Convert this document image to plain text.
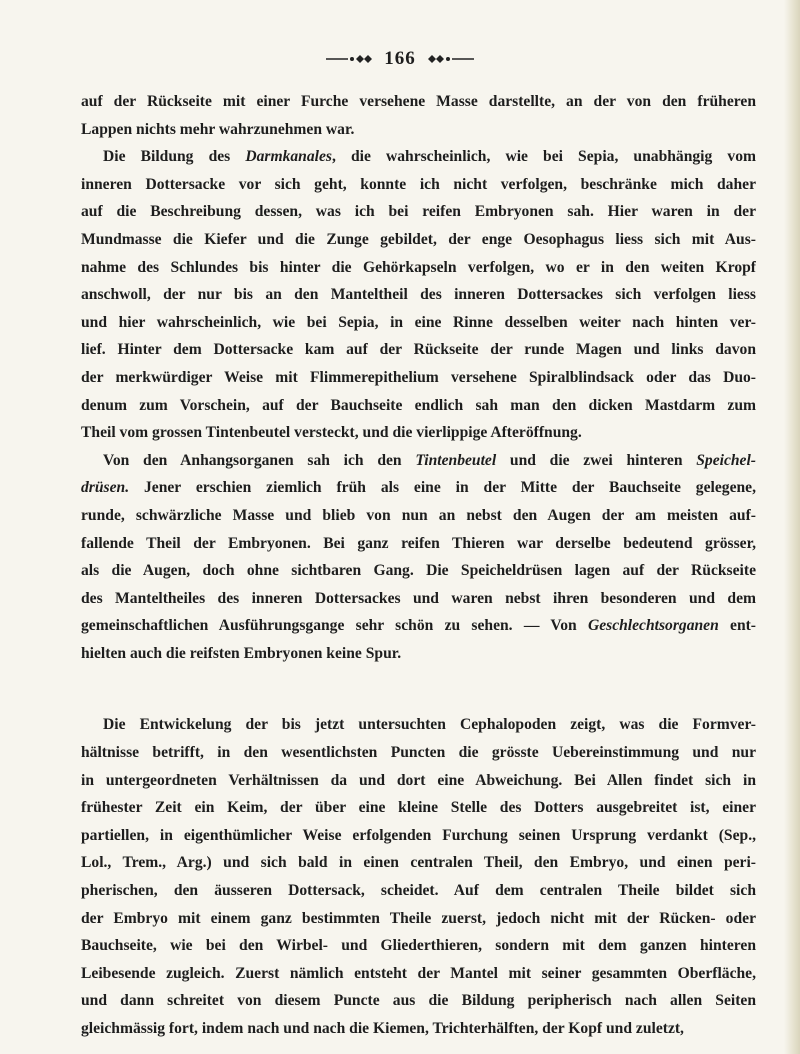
166
auf der Rückseite mit einer Furche versehene Masse darstellte, an der von den früheren
Lappen nichts mehr wahrzunehmen war.
Die Bildung des Darmkanales, die wahrscheinlich, wie bei Sepia, unabhängig vom
inneren Dottersacke vor sich geht, konnte ich nicht verfolgen, beschränke mich daher
auf die Beschreibung dessen, was ich bei reifen Embryonen sah. Hier waren in der
Mundmasse die Kiefer und die Zunge gebildet, der enge Oesophagus liess sich mit Aus-
nahme des Schlundes bis hinter die Gehörkapseln verfolgen, wo er in den weiten Kropf
anschwoll, der nur bis an den Manteltheil des inneren Dottersackes sich verfolgen liess
und hier wahrscheinlich, wie bei Sepia, in eine Rinne desselben weiter nach hinten ver-
lief. Hinter dem Dottersacke kam auf der Rückseite der runde Magen und links davon
der merkwürdiger Weise mit Flimmerepithelium versehene Spiralblindsack oder das Duo-
denum zum Vorschein, auf der Bauchseite endlich sah man den dicken Mastdarm zum
Theil vom grossen Tintenbeutel versteckt, und die vierlippige Afteröffnung.
Von den Anhangsorganen sah ich den Tintenbeutel und die zwei hinteren Speichel-
drüsen. Jener erschien ziemlich früh als eine in der Mitte der Bauchseite gelegene,
runde, schwärzliche Masse und blieb von nun an nebst den Augen der am meisten auf-
fallende Theil der Embryonen. Bei ganz reifen Thieren war derselbe bedeutend grösser,
als die Augen, doch ohne sichtbaren Gang. Die Speicheldrüsen lagen auf der Rückseite
des Manteltheiles des inneren Dottersackes und waren nebst ihren besonderen und dem
gemeinschaftlichen Ausführungsgange sehr schön zu sehen. — Von Geschlechtsorganen ent-
hielten auch die reifsten Embryonen keine Spur.
Die Entwickelung der bis jetzt untersuchten Cephalopoden zeigt, was die Formver-
hältnisse betrifft, in den wesentlichsten Puncten die grösste Uebereinstimmung und nur
in untergeordneten Verhältnissen da und dort eine Abweichung. Bei Allen findet sich in
frühester Zeit ein Keim, der über eine kleine Stelle des Dotters ausgebreitet ist, einer
partiellen, in eigenthümlicher Weise erfolgenden Furchung seinen Ursprung verdankt (Sep.,
Lol., Trem., Arg.) und sich bald in einen centralen Theil, den Embryo, und einen peri-
pherischen, den äusseren Dottersack, scheidet. Auf dem centralen Theile bildet sich
der Embryo mit einem ganz bestimmten Theile zuerst, jedoch nicht mit der Rücken- oder
Bauchseite, wie bei den Wirbel- und Gliederthieren, sondern mit dem ganzen hinteren
Leibesende zugleich. Zuerst nämlich entsteht der Mantel mit seiner gesammten Oberfläche,
und dann schreitet von diesem Puncte aus die Bildung peripherisch nach allen Seiten
gleichmässig fort, indem nach und nach die Kiemen, Trichterhälften, der Kopf und zuletzt,
